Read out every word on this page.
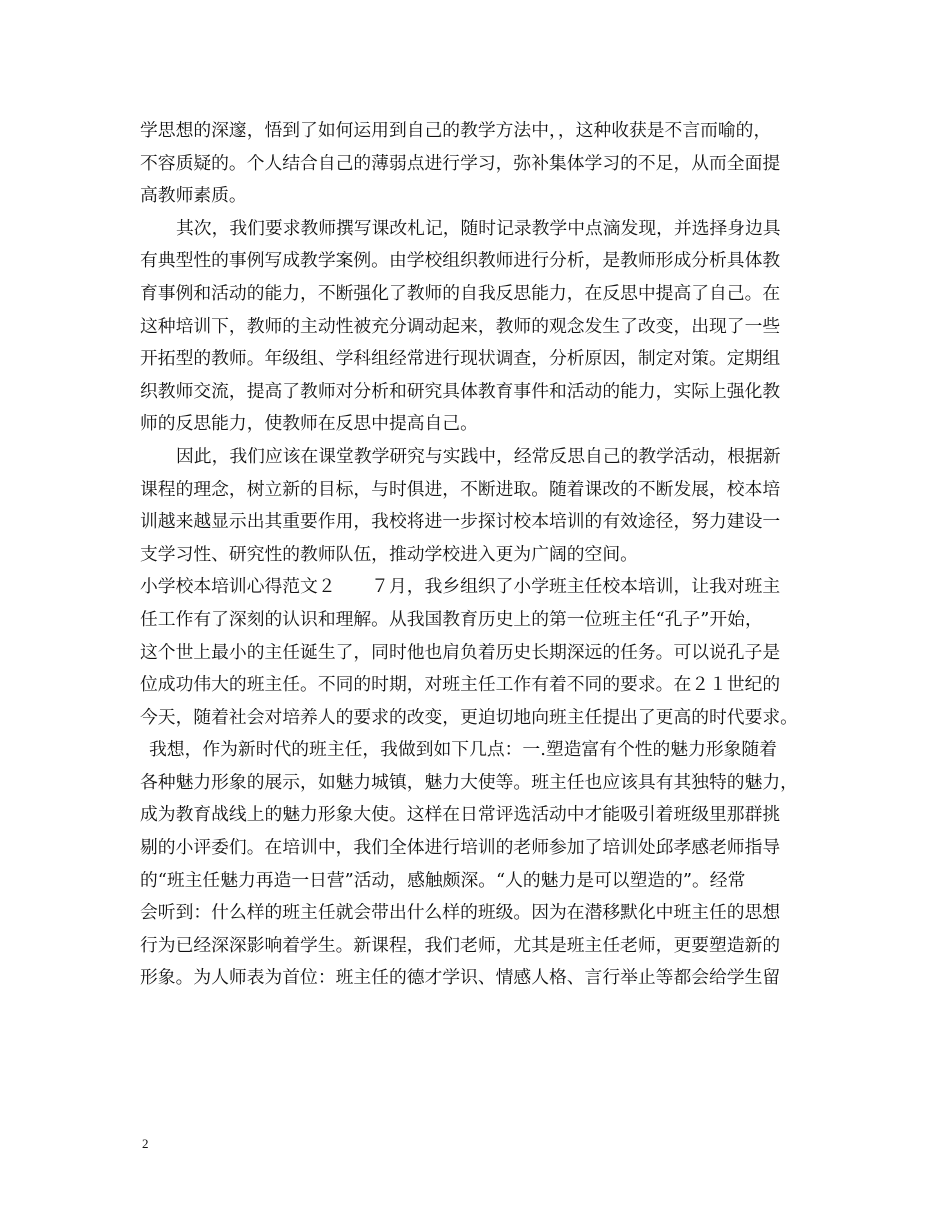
学思想的深邃，悟到了如何运用到自己的教学方法中，，这种收获是不言而喻的，
不容质疑的。个人结合自己的薄弱点进行学习，弥补集体学习的不足，从而全面提
高教师素质。
其次，我们要求教师撰写课改札记，随时记录教学中点滴发现，并选择身边具
有典型性的事例写成教学案例。由学校组织教师进行分析，是教师形成分析具体教
育事例和活动的能力，不断强化了教师的自我反思能力，在反思中提高了自己。在
这种培训下，教师的主动性被充分调动起来，教师的观念发生了改变，出现了一些
开拓型的教师。年级组、学科组经常进行现状调查，分析原因，制定对策。定期组
织教师交流，提高了教师对分析和研究具体教育事件和活动的能力，实际上强化教
师的反思能力，使教师在反思中提高自己。
因此，我们应该在课堂教学研究与实践中，经常反思自己的教学活动，根据新
课程的理念，树立新的目标，与时俱进，不断进取。随着课改的不断发展，校本培
训越来越显示出其重要作用，我校将进一步探讨校本培训的有效途径，努力建设一
支学习性、研究性的教师队伍，推动学校进入更为广阔的空间。
小学校本培训心得范文２　　７月，我乡组织了小学班主任校本培训，让我对班主
任工作有了深刻的认识和理解。从我国教育历史上的第一位班主任“孔子”开始，
这个世上最小的主任诞生了，同时他也肩负着历史长期深远的任务。可以说孔子是
位成功伟大的班主任。不同的时期，对班主任工作有着不同的要求。在２１世纪的
今天，随着社会对培养人的要求的改变，更迫切地向班主任提出了更高的时代要求。
我想，作为新时代的班主任，我做到如下几点：一.塑造富有个性的魅力形象随着
各种魅力形象的展示，如魅力城镇，魅力大使等。班主任也应该具有其独特的魅力，
成为教育战线上的魅力形象大使。这样在日常评选活动中才能吸引着班级里那群挑
剔的小评委们。在培训中，我们全体进行培训的老师参加了培训处邱孝感老师指导
的“班主任魅力再造一日营”活动，感触颇深。“人的魅力是可以塑造的”。经常
会听到：什么样的班主任就会带出什么样的班级。因为在潜移默化中班主任的思想
行为已经深深影响着学生。新课程，我们老师，尤其是班主任老师，更要塑造新的
形象。为人师表为首位：班主任的德才学识、情感人格、言行举止等都会给学生留
2
